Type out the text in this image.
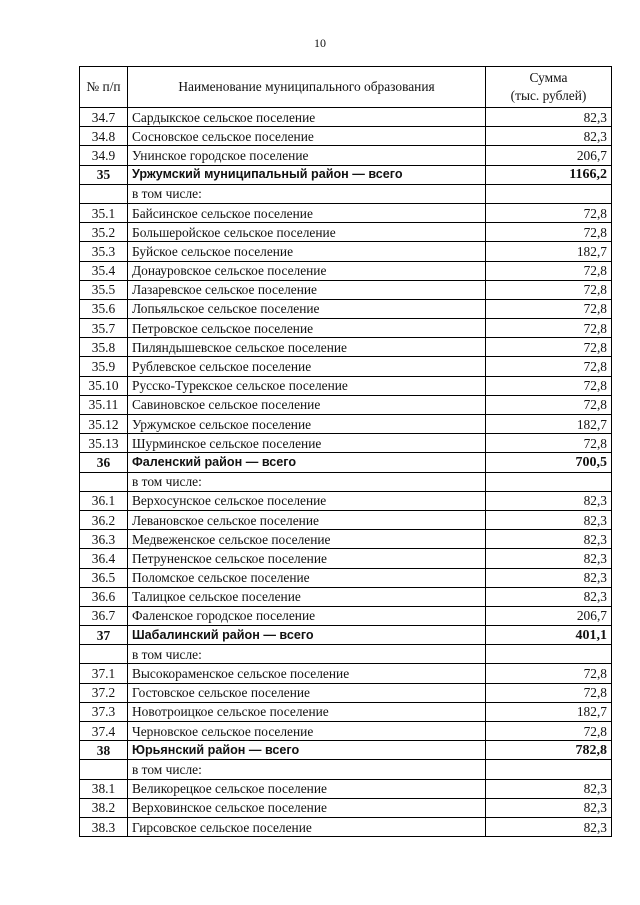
10
№ п/п	Наименование муниципального образования	Сумма
(тыс. рублей)
34.7	Сардыкское сельское поселение	82,3
34.8	Сосновское сельское поселение	82,3
34.9	Унинское городское поселение	206,7
35	Уржумский муниципальный район — всего	1166,2
	в том числе:	
35.1	Байсинское сельское поселение	72,8
35.2	Большеройское сельское поселение	72,8
35.3	Буйское сельское поселение	182,7
35.4	Донауровское сельское поселение	72,8
35.5	Лазаревское сельское поселение	72,8
35.6	Лопьяльское сельское поселение	72,8
35.7	Петровское сельское поселение	72,8
35.8	Пиляндышевское сельское поселение	72,8
35.9	Рублевское сельское поселение	72,8
35.10	Русско-Турекское сельское поселение	72,8
35.11	Савиновское сельское поселение	72,8
35.12	Уржумское сельское поселение	182,7
35.13	Шурминское сельское поселение	72,8
36	Фаленский район — всего	700,5
	в том числе:	
36.1	Верхосунское сельское поселение	82,3
36.2	Левановское сельское поселение	82,3
36.3	Медвеженское сельское поселение	82,3
36.4	Петруненское сельское поселение	82,3
36.5	Поломское сельское поселение	82,3
36.6	Талицкое сельское поселение	82,3
36.7	Фаленское городское поселение	206,7
37	Шабалинский район — всего	401,1
	в том числе:	
37.1	Высокораменское сельское поселение	72,8
37.2	Гостовское сельское поселение	72,8
37.3	Новотроицкое сельское поселение	182,7
37.4	Черновское сельское поселение	72,8
38	Юрьянский район — всего	782,8
	в том числе:	
38.1	Великорецкое сельское поселение	82,3
38.2	Верховинское сельское поселение	82,3
38.3	Гирсовское сельское поселение	82,3
